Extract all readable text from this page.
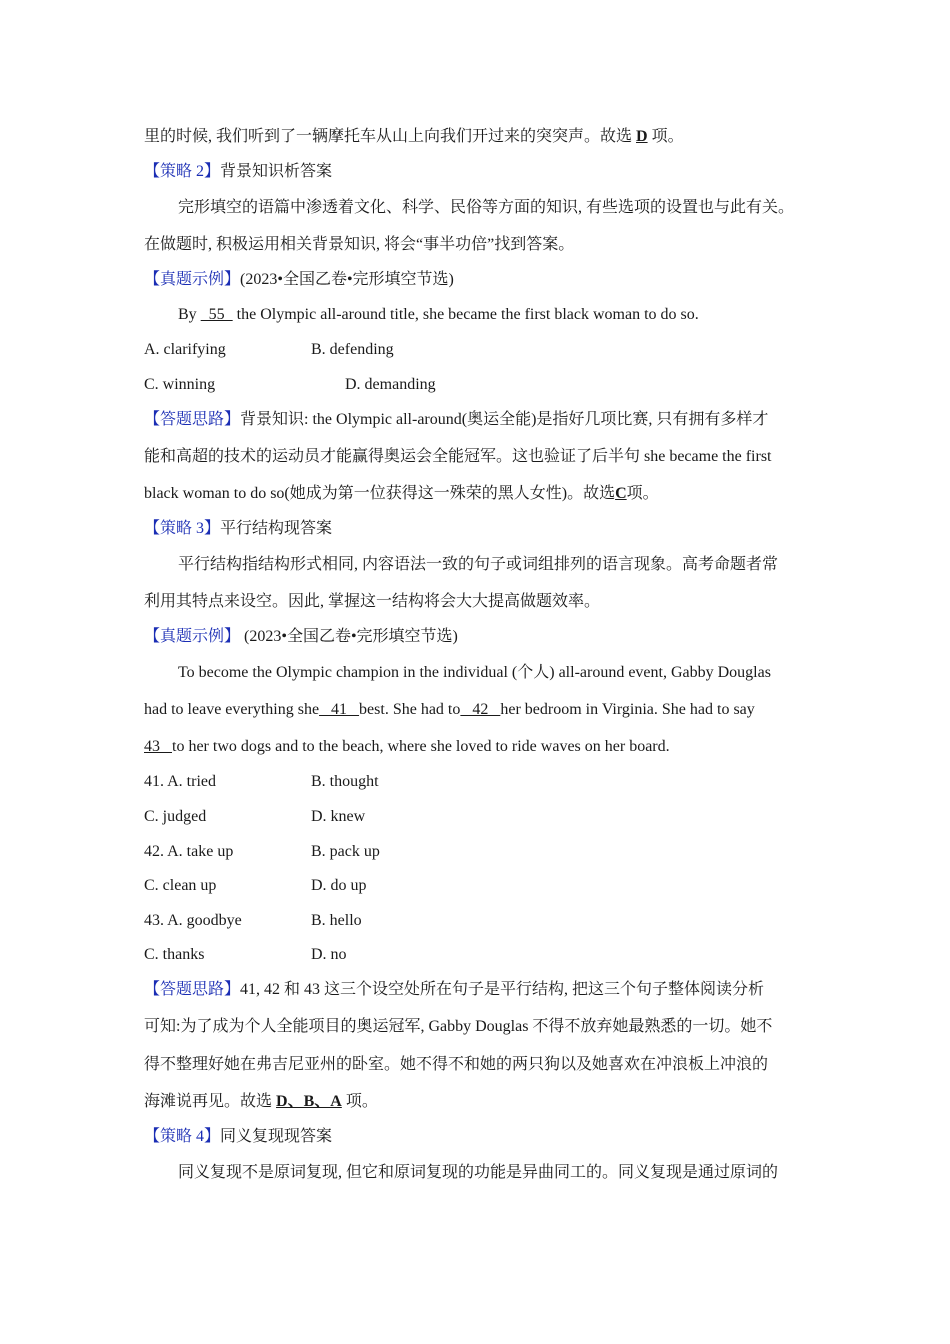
里的时候, 我们听到了一辆摩托车从山上向我们开过来的突突声。故选 D 项。
【策略 2】背景知识析答案
完形填空的语篇中渗透着文化、科学、民俗等方面的知识, 有些选项的设置也与此有关。
在做题时, 积极运用相关背景知识, 将会“事半功倍”找到答案。
【真题示例】(2023•全国乙卷•完形填空节选)
By   55   the Olympic all-around title, she became the first black woman to do so.
A. clarifying	B. defending
C. winning	D. demanding
【答题思路】背景知识: the Olympic all-around(奥运全能)是指好几项比赛, 只有拥有多样才
能和高超的技术的运动员才能赢得奥运会全能冠军。这也验证了后半句 she became the first
black woman to do so(她成为第一位获得这一殊荣的黑人女性)。故选C项。
【策略 3】平行结构现答案
平行结构指结构形式相同, 内容语法一致的句子或词组排列的语言现象。高考命题者常
利用其特点来设空。因此, 掌握这一结构将会大大提高做题效率。
【真题示例】 (2023•全国乙卷•完形填空节选)
To become the Olympic champion in the individual (个人) all-around event, Gabby Douglas
had to leave everything she   41   best. She had to   42   her bedroom in Virginia. She had to say
43   to her two dogs and to the beach, where she loved to ride waves on her board.
41. A. tried	B. thought
C. judged	D. knew
42. A. take up	B. pack up
C. clean up	D. do up
43. A. goodbye	B. hello
C. thanks	D. no
【答题思路】41, 42 和 43 这三个设空处所在句子是平行结构, 把这三个句子整体阅读分析
可知:为了成为个人全能项目的奥运冠军, Gabby Douglas 不得不放弃她最熟悉的一切。她不
得不整理好她在弗吉尼亚州的卧室。她不得不和她的两只狗以及她喜欢在冲浪板上冲浪的
海滩说再见。故选 D、B、A 项。
【策略 4】同义复现现答案
同义复现不是原词复现, 但它和原词复现的功能是异曲同工的。同义复现是通过原词的
